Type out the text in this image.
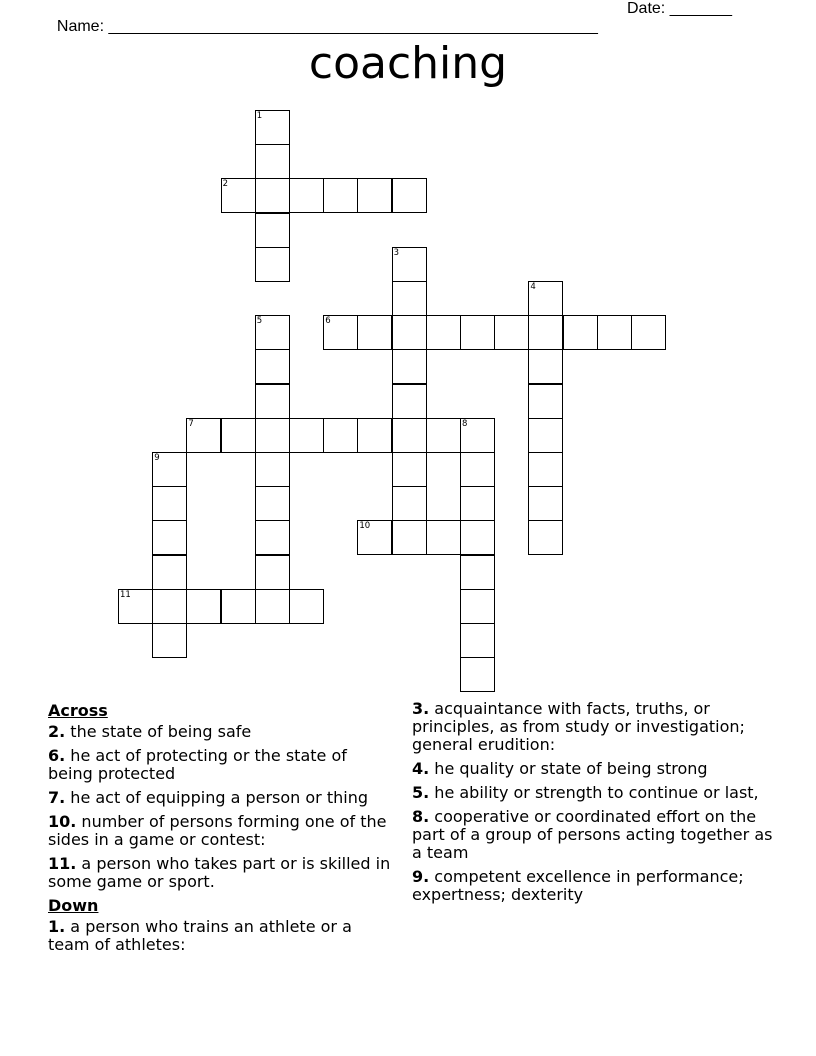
Name: _______________________________________________________

Date: _______

coaching
1
2
3
4
5	6
7	8
9
10
11
Across
2. the state of being safe
6. he act of protecting or the state of being protected
7. he act of equipping a person or thing
10. number of persons forming one of the sides in a game or contest:
11. a person who takes part or is skilled in some game or sport.
Down
1. a person who trains an athlete or a team of athletes:
3. acquaintance with facts, truths, or principles, as from study or investigation; general erudition:
4. he quality or state of being strong
5. he ability or strength to continue or last,
8. cooperative or coordinated effort on the part of a group of persons acting together as a team
9. competent excellence in performance; expertness; dexterity
